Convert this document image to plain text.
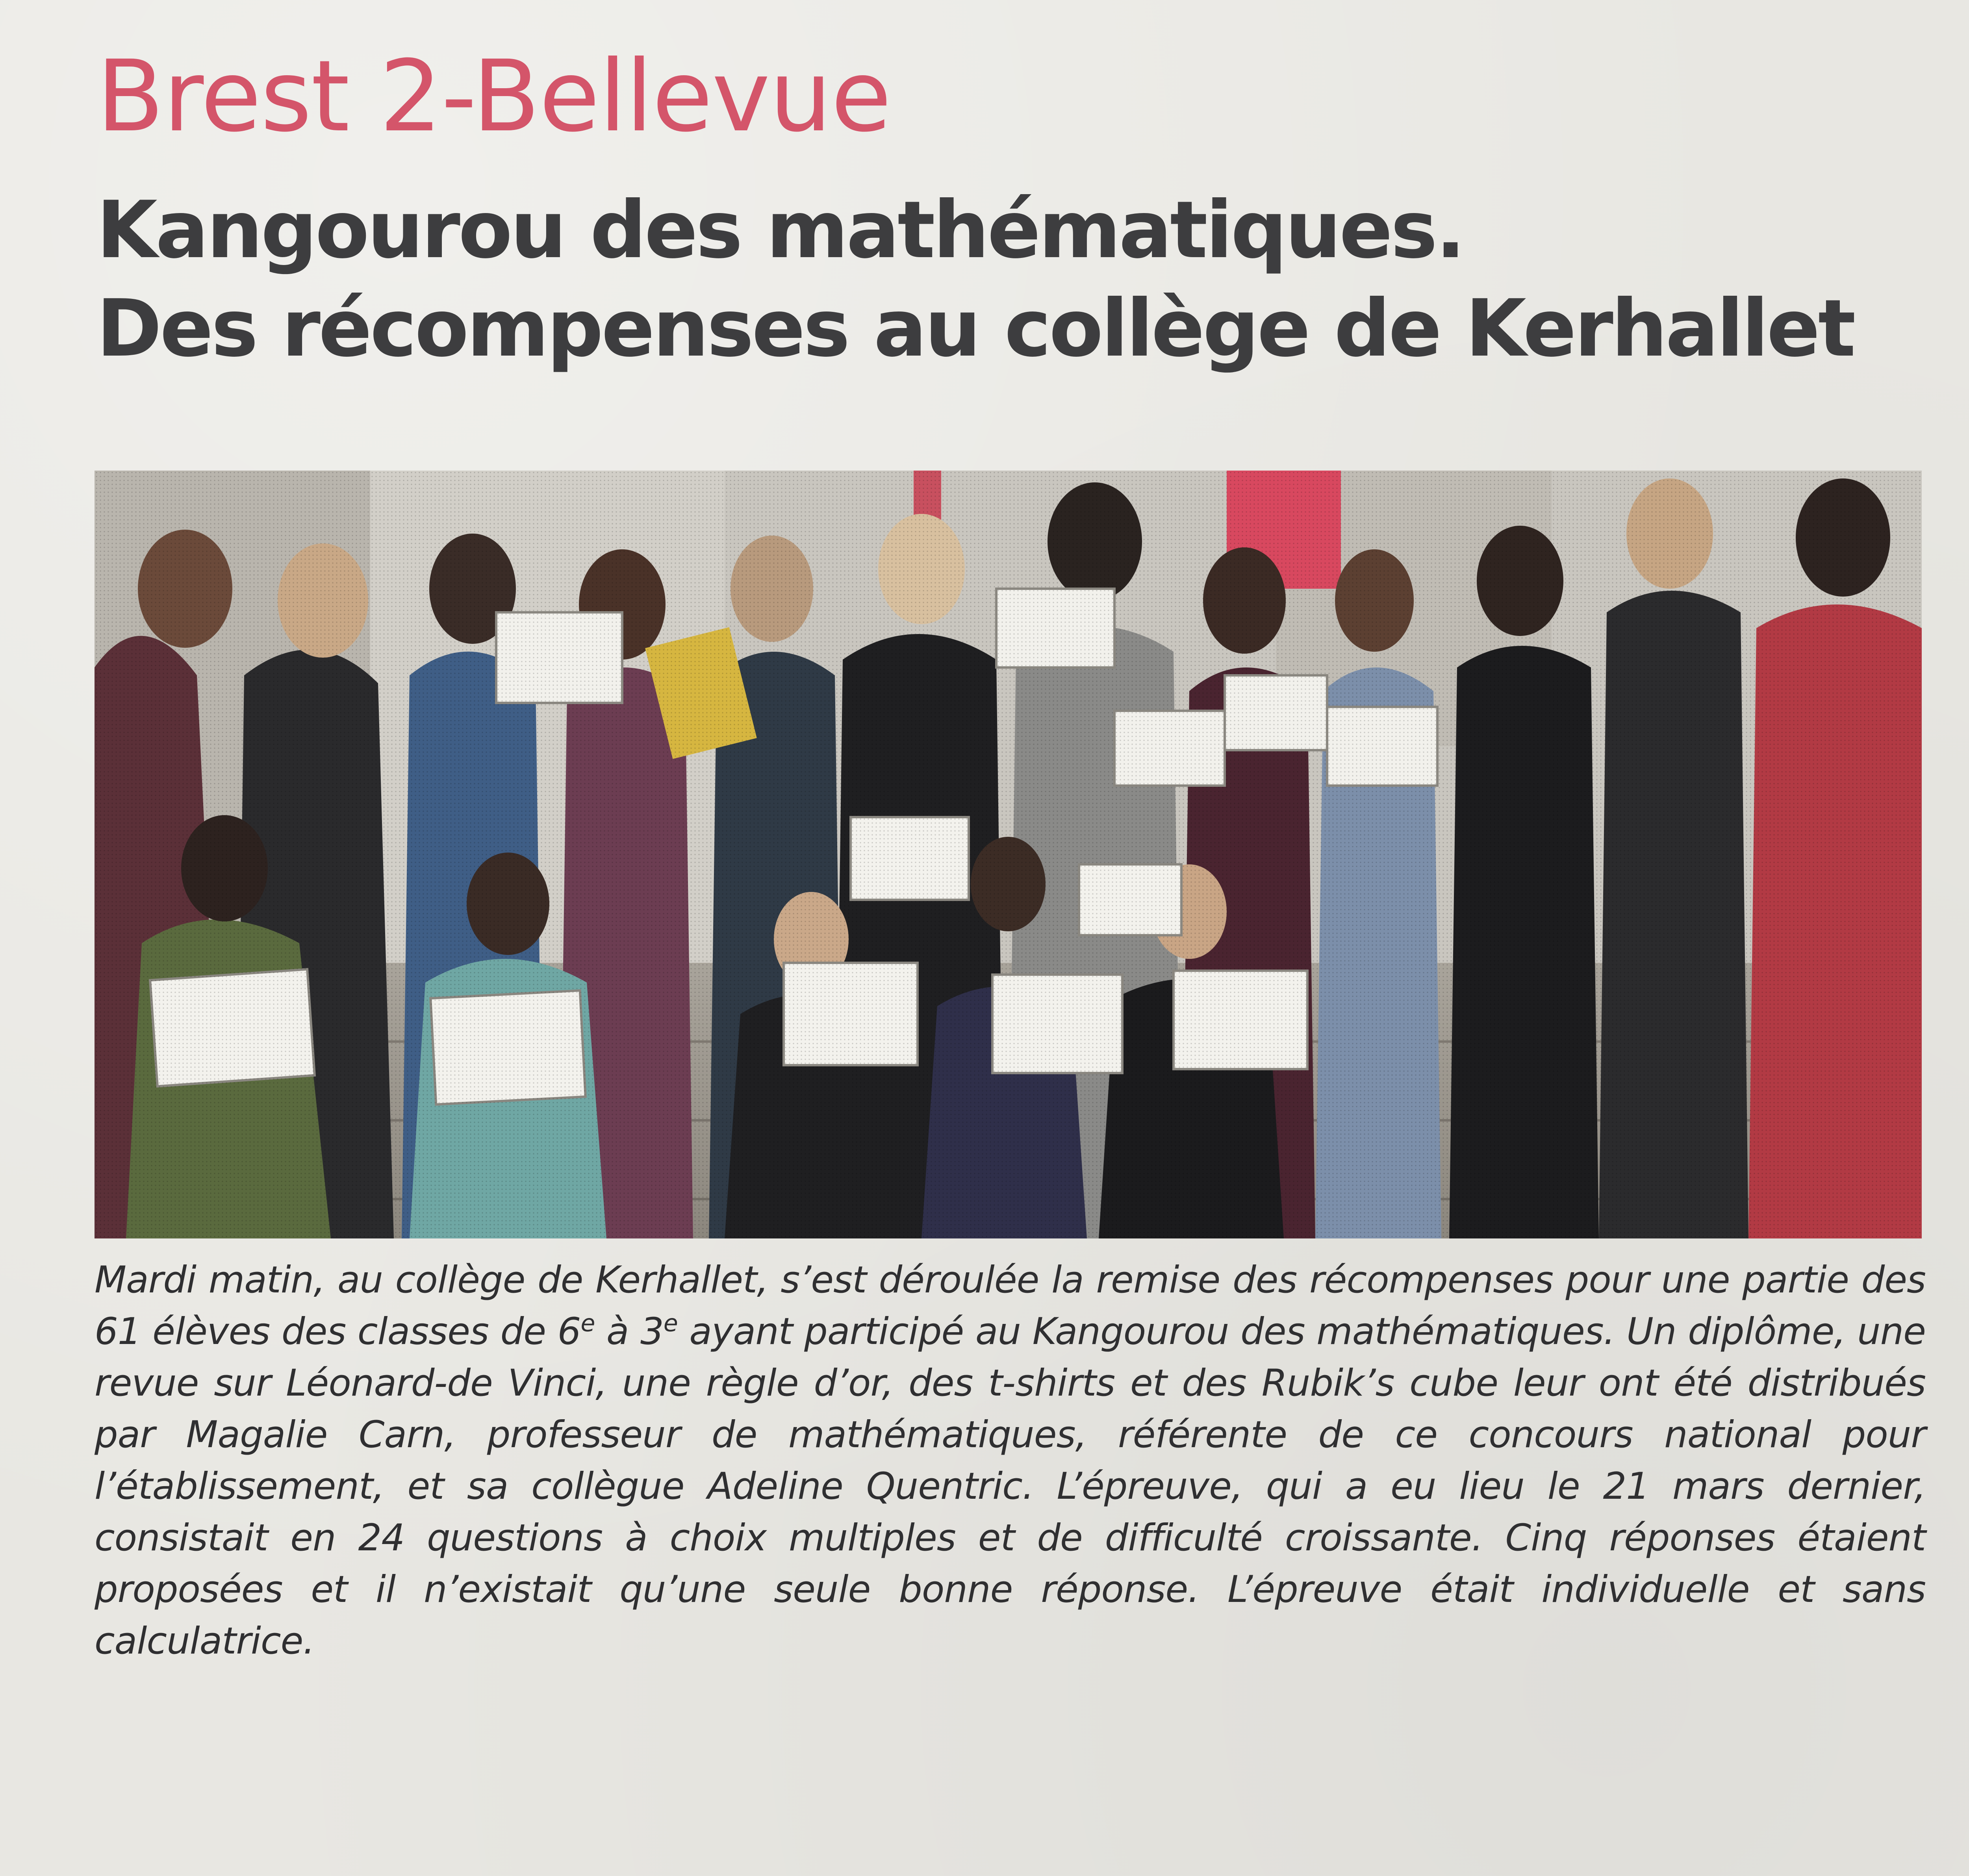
Brest 2-Bellevue
Kangourou des mathématiques.
Des récompenses au collège de Kerhallet

Mardi matin, au collège de Kerhallet, s’est déroulée la remise des récompenses pour une partie des 61 élèves des classes de 6e à 3e ayant participé au Kangourou des mathématiques. Un diplôme, une revue sur Léonard-de Vinci, une règle d’or, des t-shirts et des Rubik’s cube leur ont été distribués par Magalie Carn, professeur de mathématiques, référente de ce concours national pour l’établissement, et sa collègue Adeline Quentric. L’épreuve, qui a eu lieu le 21 mars dernier, consistait en 24 questions à choix multiples et de difficulté croissante. Cinq réponses étaient proposées et il n’existait qu’une seule bonne réponse. L’épreuve était individuelle et sans calculatrice.
